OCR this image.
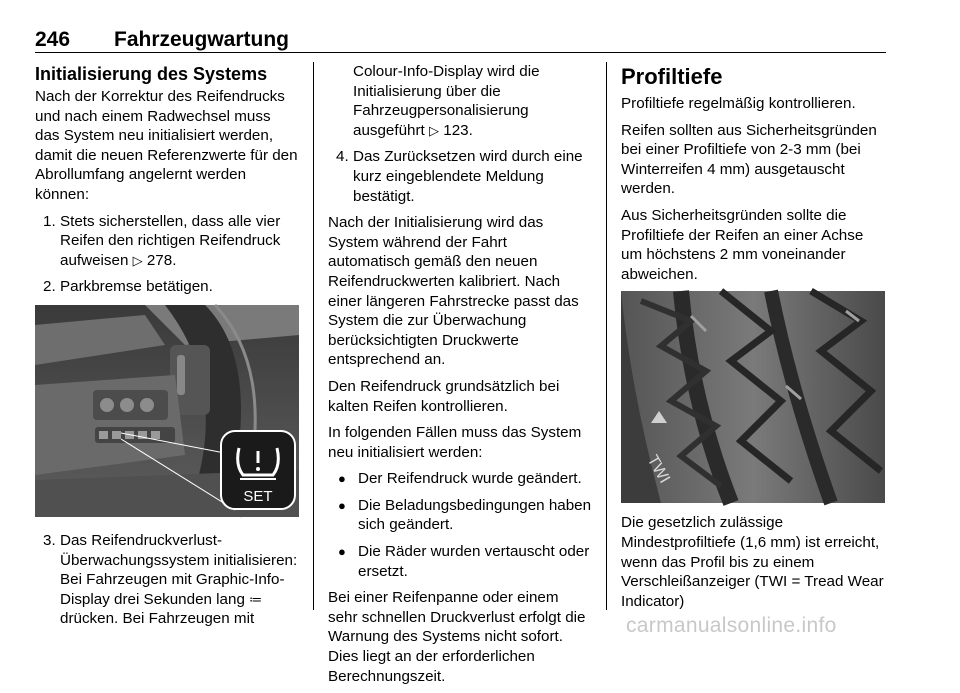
246 Fahrzeugwartung
Initialisierung des Systems

Nach der Korrektur des Reifendrucks und nach einem Radwechsel muss das System neu initialisiert werden, damit die neuen Referenzwerte für den Abrollumfang angelernt werden können:

1. Stets sicherstellen, dass alle vier Reifen den richtigen Reifendruck aufweisen ▷ 278.
2. Parkbremse betätigen.
SET
3. Das Reifendruckverlust-Überwachungssystem initialisieren: Bei Fahrzeugen mit Graphic-Info-Display drei Sekunden lang ≔ drücken. Bei Fahrzeugen mit
Colour-Info-Display wird die Initialisierung über die Fahrzeugpersonalisierung ausgeführt ▷ 123.
4. Das Zurücksetzen wird durch eine kurz eingeblendete Meldung bestätigt.

Nach der Initialisierung wird das System während der Fahrt automatisch gemäß den neuen Reifendruckwerten kalibriert. Nach einer längeren Fahrstrecke passt das System die zur Überwachung berücksichtigten Druckwerte entsprechend an.

Den Reifendruck grundsätzlich bei kalten Reifen kontrollieren.

In folgenden Fällen muss das System neu initialisiert werden:

● Der Reifendruck wurde geändert.
● Die Beladungsbedingungen haben sich geändert.
● Die Räder wurden vertauscht oder ersetzt.

Bei einer Reifenpanne oder einem sehr schnellen Druckverlust erfolgt die Warnung des Systems nicht sofort. Dies liegt an der erforderlichen Berechnungszeit.

Profiltiefe

Profiltiefe regelmäßig kontrollieren.

Reifen sollten aus Sicherheitsgründen bei einer Profiltiefe von 2-3 mm (bei Winterreifen 4 mm) ausgetauscht werden.

Aus Sicherheitsgründen sollte die Profiltiefe der Reifen an einer Achse um höchstens 2 mm voneinander abweichen.

TWI

Die gesetzlich zulässige Mindestprofiltiefe (1,6 mm) ist erreicht, wenn das Profil bis zu einem Verschleißanzeiger (TWI = Tread Wear Indicator)

carmanualsonline.info
